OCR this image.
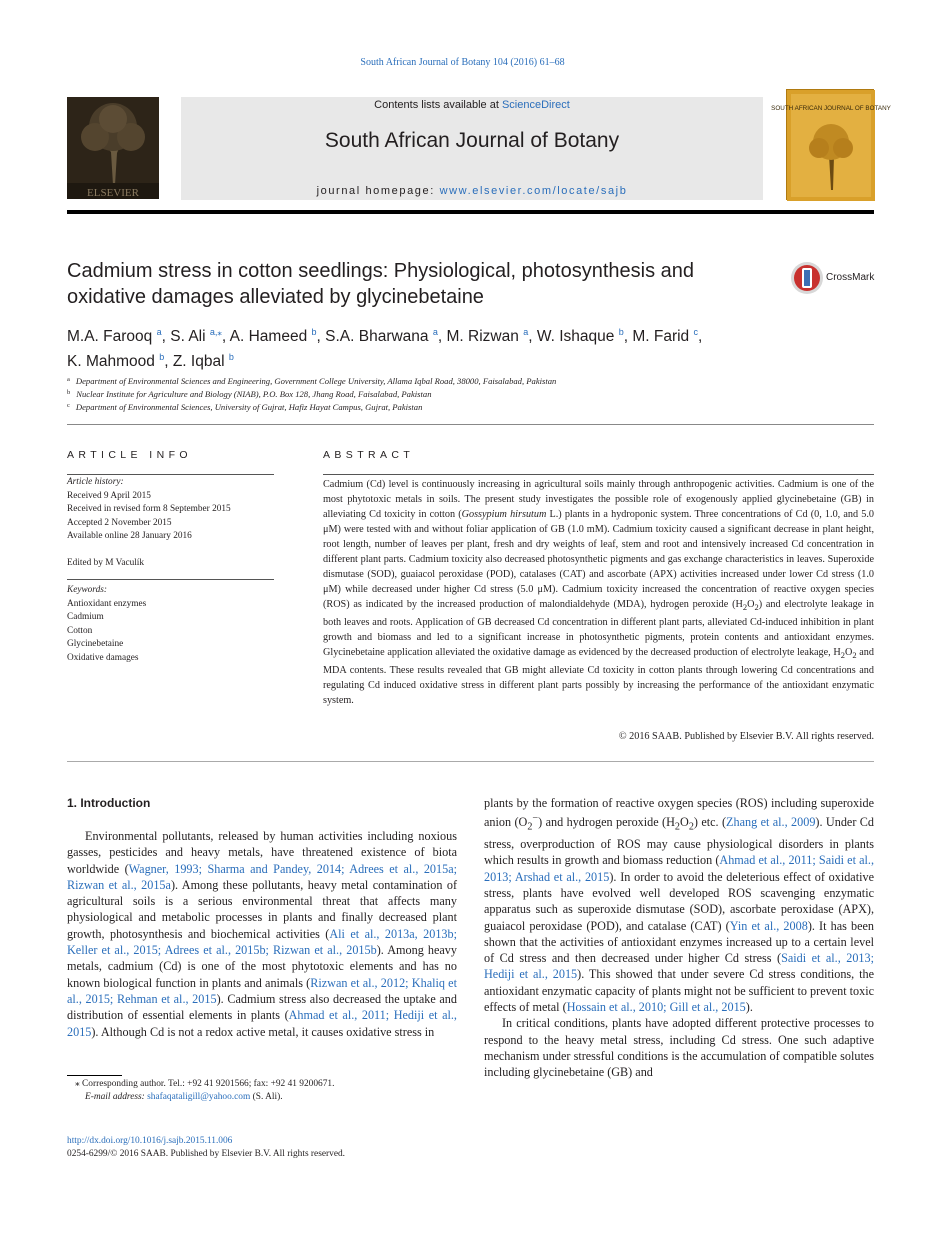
South African Journal of Botany 104 (2016) 61–68
ELSEVIER
Contents lists available at ScienceDirect
South African Journal of Botany
journal homepage: www.elsevier.com/locate/sajb
SOUTH AFRICAN JOURNAL OF BOTANY
Cadmium stress in cotton seedlings: Physiological, photosynthesis and oxidative damages alleviated by glycinebetaine
CrossMark
M.A. Farooq $^a$, S. Ali $^{a,⁎}$, A. Hameed $^b$, S.A. Bharwana $^a$, M. Rizwan $^a$, W. Ishaque $^b$, M. Farid $^c$,
K. Mahmood $^b$, Z. Iqbal $^b$
$^a$ Department of Environmental Sciences and Engineering, Government College University, Allama Iqbal Road, 38000, Faisalabad, Pakistan
$^b$ Nuclear Institute for Agriculture and Biology (NIAB), P.O. Box 128, Jhang Road, Faisalabad, Pakistan
$^c$ Department of Environmental Sciences, University of Gujrat, Hafiz Hayat Campus, Gujrat, Pakistan
ARTICLE INFO
Article history:
Received 9 April 2015
Received in revised form 8 September 2015
Accepted 2 November 2015
Available online 28 January 2016
Edited by M Vaculík
Keywords:
Antioxidant enzymes
Cadmium
Cotton
Glycinebetaine
Oxidative damages
ABSTRACT
Cadmium (Cd) level is continuously increasing in agricultural soils mainly through anthropogenic activities. Cadmium is one of the most phytotoxic metals in soils. The present study investigates the possible role of exogenously applied glycinebetaine (GB) in alleviating Cd toxicity in cotton (Gossypium hirsutum L.) plants in a hydroponic system. Three concentrations of Cd (0, 1.0, and 5.0 μM) were tested with and without foliar application of GB (1.0 mM). Cadmium toxicity caused a significant decrease in plant height, root length, number of leaves per plant, fresh and dry weights of leaf, stem and root and intensively increased Cd concentration in different plant parts. Cadmium toxicity also decreased photosynthetic pigments and gas exchange characteristics in leaves. Superoxide dismutase (SOD), guaiacol peroxidase (POD), catalases (CAT) and ascorbate (APX) activities increased under lower Cd stress (1.0 μM) while decreased under higher Cd stress (5.0 μM). Cadmium toxicity increased the concentration of reactive oxygen species (ROS) as indicated by the increased production of malondialdehyde (MDA), hydrogen peroxide $(H_2O_2)$ and electrolyte leakage in both leaves and roots. Application of GB decreased Cd concentration in different plant parts, alleviated Cd-induced inhibition in plant growth and biomass and led to a significant increase in photosynthetic pigments, protein contents and antioxidant enzymes. Glycinebetaine application alleviated the oxidative damage as evidenced by the decreased production of electrolyte leakage, $H_2O_2$ and MDA contents. These results revealed that GB might alleviate Cd toxicity in cotton plants through lowering Cd concentrations and regulating Cd induced oxidative stress in different plant parts possibly by increasing the performance of the antioxidant enzymatic system.
© 2016 SAAB. Published by Elsevier B.V. All rights reserved.
1. Introduction

Environmental pollutants, released by human activities including noxious gasses, pesticides and heavy metals, have threatened existence of biota worldwide (Wagner, 1993; Sharma and Pandey, 2014; Adrees et al., 2015a; Rizwan et al., 2015a). Among these pollutants, heavy metal contamination of agricultural soils is a serious environmental threat that affects many physiological and metabolic processes in plants and finally decreased plant growth, photosynthesis and biochemical activities (Ali et al., 2013a, 2013b; Keller et al., 2015; Adrees et al., 2015b; Rizwan et al., 2015b). Among heavy metals, cadmium (Cd) is one of the most phytotoxic elements and has no known biological function in plants and animals (Rizwan et al., 2012; Khaliq et al., 2015; Rehman et al., 2015). Cadmium stress also decreased the uptake and distribution of essential elements in plants (Ahmad et al., 2011; Hediji et al., 2015). Although Cd is not a redox active metal, it causes oxidative stress in

plants by the formation of reactive oxygen species (ROS) including superoxide anion $(O_2^-)$ and hydrogen peroxide $(H_2O_2)$ etc. (Zhang et al., 2009). Under Cd stress, overproduction of ROS may cause physiological disorders in plants which results in growth and biomass reduction (Ahmad et al., 2011; Saidi et al., 2013; Arshad et al., 2015). In order to avoid the deleterious effect of oxidative stress, plants have evolved well developed ROS scavenging enzymatic apparatus such as superoxide dismutase (SOD), ascorbate peroxidase (APX), guaiacol peroxidase (POD), and catalase (CAT) (Yin et al., 2008). It has been shown that the activities of antioxidant enzymes increased up to a certain level of Cd stress and then decreased under higher Cd stress (Saidi et al., 2013; Hediji et al., 2015). This showed that under severe Cd stress conditions, the antioxidant enzymatic capacity of plants might not be sufficient to prevent toxic effects of metal (Hossain et al., 2010; Gill et al., 2015).

In critical conditions, plants have adopted different protective processes to respond to the heavy metal stress, including Cd stress. One such adaptive mechanism under stressful conditions is the accumulation of compatible solutes including glycinebetaine (GB) and

⁎ Corresponding author. Tel.: +92 41 9201566; fax: +92 41 9200671.
E-mail address: shafaqataligill@yahoo.com (S. Ali).
http://dx.doi.org/10.1016/j.sajb.2015.11.006
0254-6299/© 2016 SAAB. Published by Elsevier B.V. All rights reserved.
